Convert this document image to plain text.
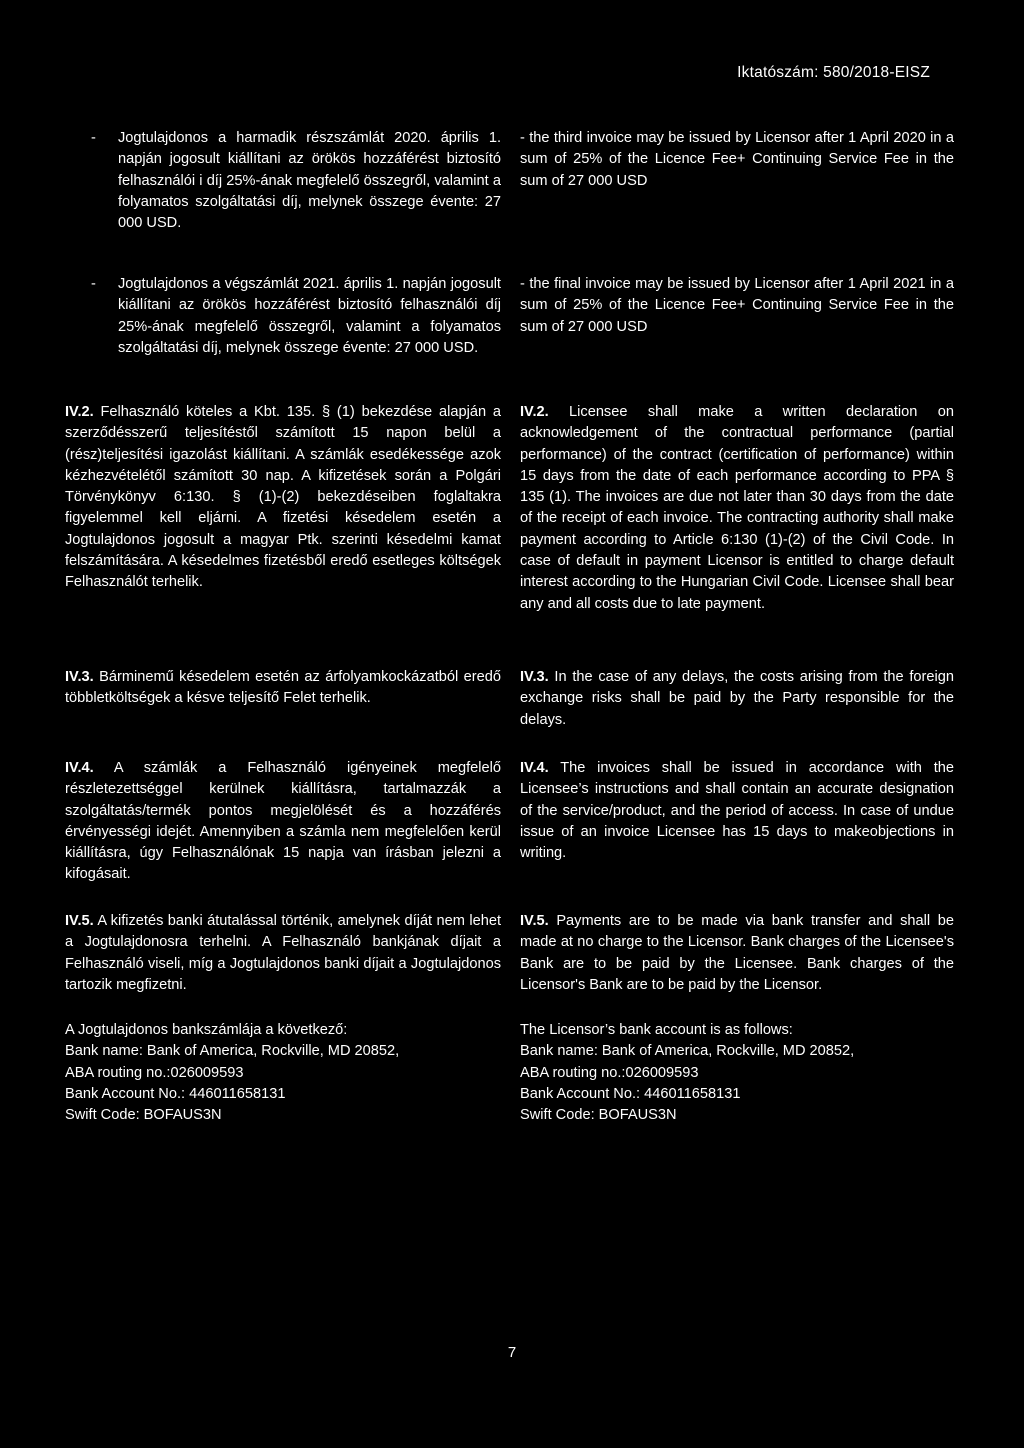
Iktatószám: 580/2018-EISZ

- Jogtulajdonos a harmadik részszámlát 2020. április 1. napján jogosult kiállítani az örökös hozzáférést biztosító felhasználói i díj 25%-ának megfelelő összegről, valamint a folyamatos szolgáltatási díj, melynek összege évente: 27 000 USD.

- the third invoice may be issued by Licensor after 1 April 2020 in a sum of 25% of the Licence Fee+ Continuing Service Fee in the sum of 27 000 USD

- Jogtulajdonos a végszámlát 2021. április 1. napján jogosult kiállítani az örökös hozzáférést biztosító felhasználói díj 25%-ának megfelelő összegről, valamint a folyamatos szolgáltatási díj, melynek összege évente: 27 000 USD.

- the final invoice may be issued by Licensor after 1 April 2021 in a sum of 25% of the Licence Fee+ Continuing Service Fee in the sum of 27 000 USD

IV.2. Felhasználó köteles a Kbt. 135. § (1) bekezdése alapján a szerződésszerű teljesítéstől számított 15 napon belül a (rész)teljesítési igazolást kiállítani. A számlák esedékessége azok kézhezvételétől számított 30 nap. A kifizetések során a Polgári Törvénykönyv 6:130. § (1)-(2) bekezdéseiben foglaltakra figyelemmel kell eljárni. A fizetési késedelem esetén a Jogtulajdonos jogosult a magyar Ptk. szerinti késedelmi kamat felszámítására. A késedelmes fizetésből eredő esetleges költségek Felhasználót terhelik.

IV.2. Licensee shall make a written declaration on acknowledgement of the contractual performance (partial performance) of the contract (certification of performance) within 15 days from the date of each performance according to PPA § 135 (1). The invoices are due not later than 30 days from the date of the receipt of each invoice. The contracting authority shall make payment according to Article 6:130 (1)-(2) of the Civil Code. In case of default in payment Licensor is entitled to charge default interest according to the Hungarian Civil Code. Licensee shall bear any and all costs due to late payment.

IV.3. Bárminemű késedelem esetén az árfolyamkockázatból eredő többletköltségek a késve teljesítő Felet terhelik.

IV.3. In the case of any delays, the costs arising from the foreign exchange risks shall be paid by the Party responsible for the delays.

IV.4. A számlák a Felhasználó igényeinek megfelelő részletezettséggel kerülnek kiállításra, tartalmazzák a szolgáltatás/termék pontos megjelölését és a hozzáférés érvényességi idejét. Amennyiben a számla nem megfelelően kerül kiállításra, úgy Felhasználónak 15 napja van írásban jelezni a kifogásait.

IV.4. The invoices shall be issued in accordance with the Licensee’s instructions and shall contain an accurate designation of the service/product, and the period of access. In case of undue issue of an invoice Licensee has 15 days to makeobjections in writing.

IV.5. A kifizetés banki átutalással történik, amelynek díját nem lehet a Jogtulajdonosra terhelni. A Felhasználó bankjának díjait a Felhasználó viseli, míg a Jogtulajdonos banki díjait a Jogtulajdonos tartozik megfizetni.

IV.5. Payments are to be made via bank transfer and shall be made at no charge to the Licensor. Bank charges of the Licensee's Bank are to be paid by the Licensee. Bank charges of the Licensor's Bank are to be paid by the Licensor.

A Jogtulajdonos bankszámlája a következő:
Bank name: Bank of America, Rockville, MD 20852,
ABA routing no.:026009593
Bank Account No.: 446011658131
Swift Code: BOFAUS3N

The Licensor’s bank account is as follows:
Bank name: Bank of America, Rockville, MD 20852,
ABA routing no.:026009593
Bank Account No.: 446011658131
Swift Code: BOFAUS3N

7
